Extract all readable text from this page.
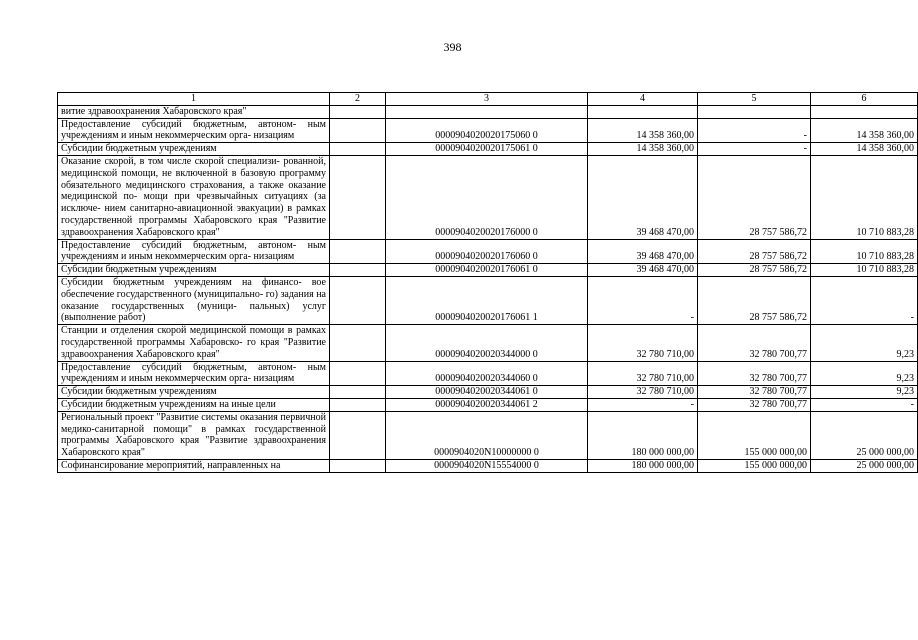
398
1	2	3	4	5	6
витие здравоохранения Хабаровского края"					
Предоставление субсидий бюджетным, автоном- ным учреждениям и иным некоммерческим орга- низациям		0000904020020175060 0	14 358 360,00	-	14 358 360,00
Субсидии бюджетным учреждениям		0000904020020175061 0	14 358 360,00	-	14 358 360,00
Оказание скорой, в том числе скорой специализи- рованной, медицинской помощи, не включенной в базовую программу обязательного медицинского страхования, а также оказание медицинской по- мощи при чрезвычайных ситуациях (за исключе- нием санитарно-авиационной эвакуации) в рамках государственной программы Хабаровского края "Развитие здравоохранения Хабаровского края"		0000904020020176000 0	39 468 470,00	28 757 586,72	10 710 883,28
Предоставление субсидий бюджетным, автоном- ным учреждениям и иным некоммерческим орга- низациям		0000904020020176060 0	39 468 470,00	28 757 586,72	10 710 883,28
Субсидии бюджетным учреждениям		0000904020020176061 0	39 468 470,00	28 757 586,72	10 710 883,28
Субсидии бюджетным учреждениям на финансо- вое обеспечение государственного (муниципально- го) задания на оказание государственных (муници- пальных) услуг (выполнение работ)		0000904020020176061 1	-	28 757 586,72	-
Станции и отделения скорой медицинской помощи в рамках государственной программы Хабаровско- го края "Развитие здравоохранения Хабаровского края"		0000904020020344000 0	32 780 710,00	32 780 700,77	9,23
Предоставление субсидий бюджетным, автоном- ным учреждениям и иным некоммерческим орга- низациям		0000904020020344060 0	32 780 710,00	32 780 700,77	9,23
Субсидии бюджетным учреждениям		0000904020020344061 0	32 780 710,00	32 780 700,77	9,23
Субсидии бюджетным учреждениям на иные цели		0000904020020344061 2	-	32 780 700,77	-
Региональный проект "Развитие системы оказания первичной медико-санитарной помощи" в рамках государственной программы Хабаровского края "Развитие здравоохранения Хабаровского края"		0000904020N10000000 0	180 000 000,00	155 000 000,00	25 000 000,00
Софинансирование мероприятий, направленных на		0000904020N15554000 0	180 000 000,00	155 000 000,00	25 000 000,00
